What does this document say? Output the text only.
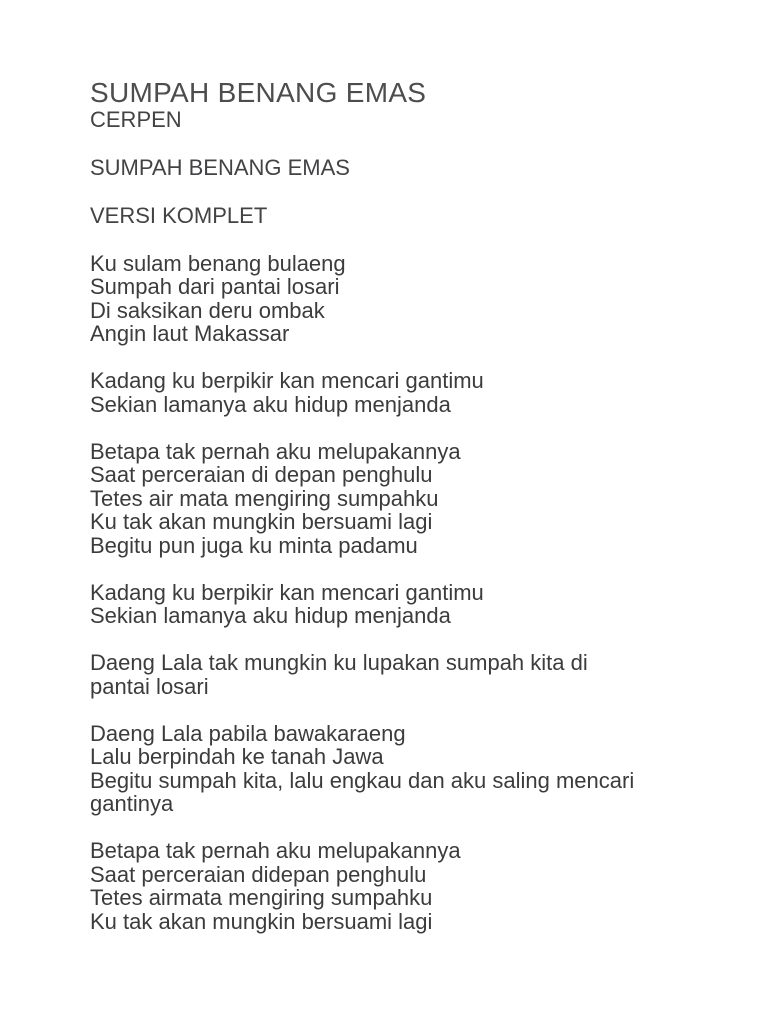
SUMPAH BENANG EMAS
CERPEN
SUMPAH BENANG EMAS
VERSI KOMPLET
Ku sulam benang bulaeng
Sumpah dari pantai losari
Di saksikan deru ombak
Angin laut Makassar
Kadang ku berpikir kan mencari gantimu
Sekian lamanya aku hidup menjanda
Betapa tak pernah aku melupakannya
Saat perceraian di depan penghulu
Tetes air mata mengiring sumpahku
Ku tak akan mungkin bersuami lagi
Begitu pun juga ku minta padamu
Kadang ku berpikir kan mencari gantimu
Sekian lamanya aku hidup menjanda
Daeng Lala tak mungkin ku lupakan sumpah kita di
pantai losari
Daeng Lala pabila bawakaraeng
Lalu berpindah ke tanah Jawa
Begitu sumpah kita, lalu engkau dan aku saling mencari
gantinya
Betapa tak pernah aku melupakannya
Saat perceraian didepan penghulu
Tetes airmata mengiring sumpahku
Ku tak akan mungkin bersuami lagi
